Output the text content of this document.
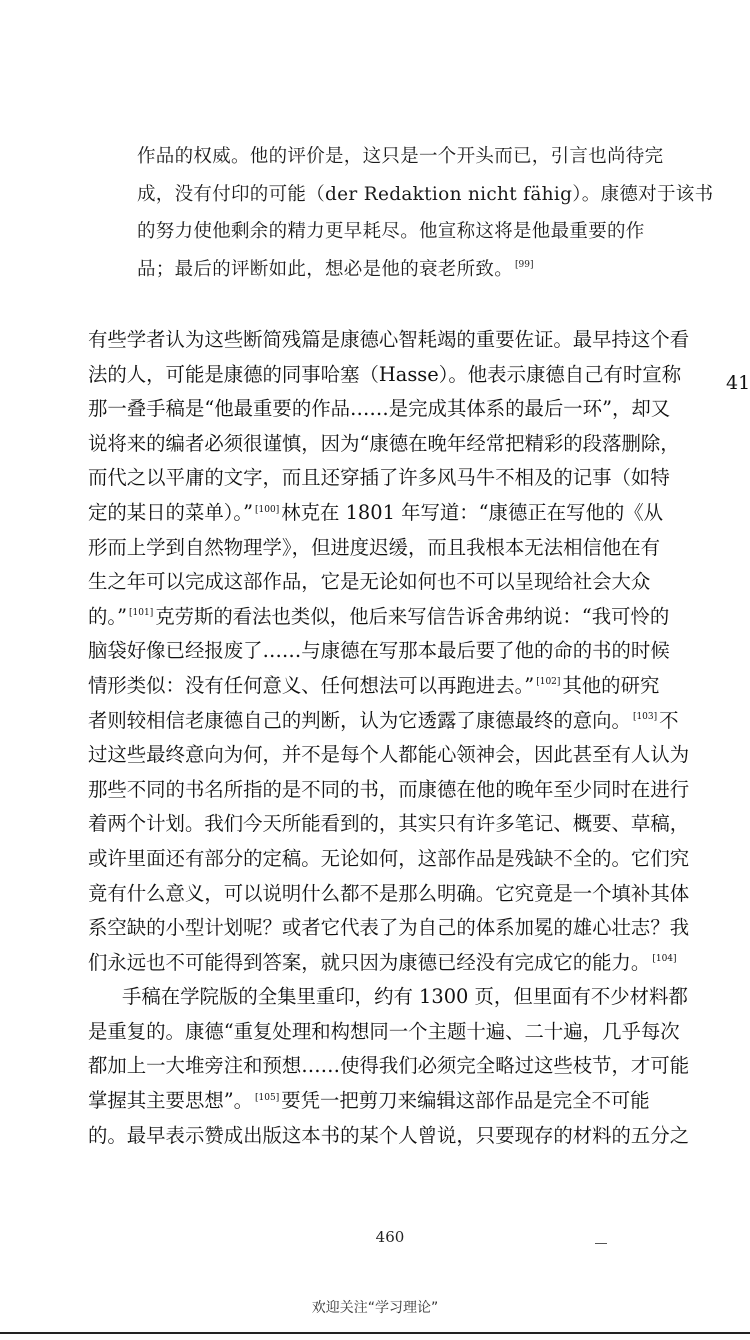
作品的权威。他的评价是，这只是一个开头而已，引言也尚待完
成，没有付印的可能（der Redaktion nicht fähig）。康德对于该书
的努力使他剩余的精力更早耗尽。他宣称这将是他最重要的作
品；最后的评断如此，想必是他的衰老所致。 [99]
有些学者认为这些断简残篇是康德心智耗竭的重要佐证。最早持这个看
法的人，可能是康德的同事哈塞（Hasse）。他表示康德自己有时宣称
那一叠手稿是“他最重要的作品……是完成其体系的最后一环”，却又
说将来的编者必须很谨慎，因为“康德在晚年经常把精彩的段落删除，
而代之以平庸的文字，而且还穿插了许多风马牛不相及的记事（如特
定的某日的菜单）。” [100] 林克在 1801 年写道：“康德正在写他的《从
形而上学到自然物理学》，但进度迟缓，而且我根本无法相信他在有
生之年可以完成这部作品，它是无论如何也不可以呈现给社会大众
的。” [101] 克劳斯的看法也类似，他后来写信告诉舍弗纳说：“我可怜的
脑袋好像已经报废了……与康德在写那本最后要了他的命的书的时候
情形类似：没有任何意义、任何想法可以再跑进去。” [102] 其他的研究
者则较相信老康德自己的判断，认为它透露了康德最终的意向。 [103] 不
过这些最终意向为何，并不是每个人都能心领神会，因此甚至有人认为
那些不同的书名所指的是不同的书，而康德在他的晚年至少同时在进行
着两个计划。我们今天所能看到的，其实只有许多笔记、概要、草稿，
或许里面还有部分的定稿。无论如何，这部作品是残缺不全的。它们究
竟有什么意义，可以说明什么都不是那么明确。它究竟是一个填补其体
系空缺的小型计划呢？或者它代表了为自己的体系加冕的雄心壮志？我
们永远也不可能得到答案，就只因为康德已经没有完成它的能力。 [104]
手稿在学院版的全集里重印，约有 1300 页，但里面有不少材料都
是重复的。康德“重复处理和构想同一个主题十遍、二十遍，几乎每次
都加上一大堆旁注和预想……使得我们必须完全略过这些枝节，才可能
掌握其主要思想”。 [105] 要凭一把剪刀来编辑这部作品是完全不可能
的。最早表示赞成出版这本书的某个人曾说，只要现存的材料的五分之
41
460
欢迎关注“学习理论”
